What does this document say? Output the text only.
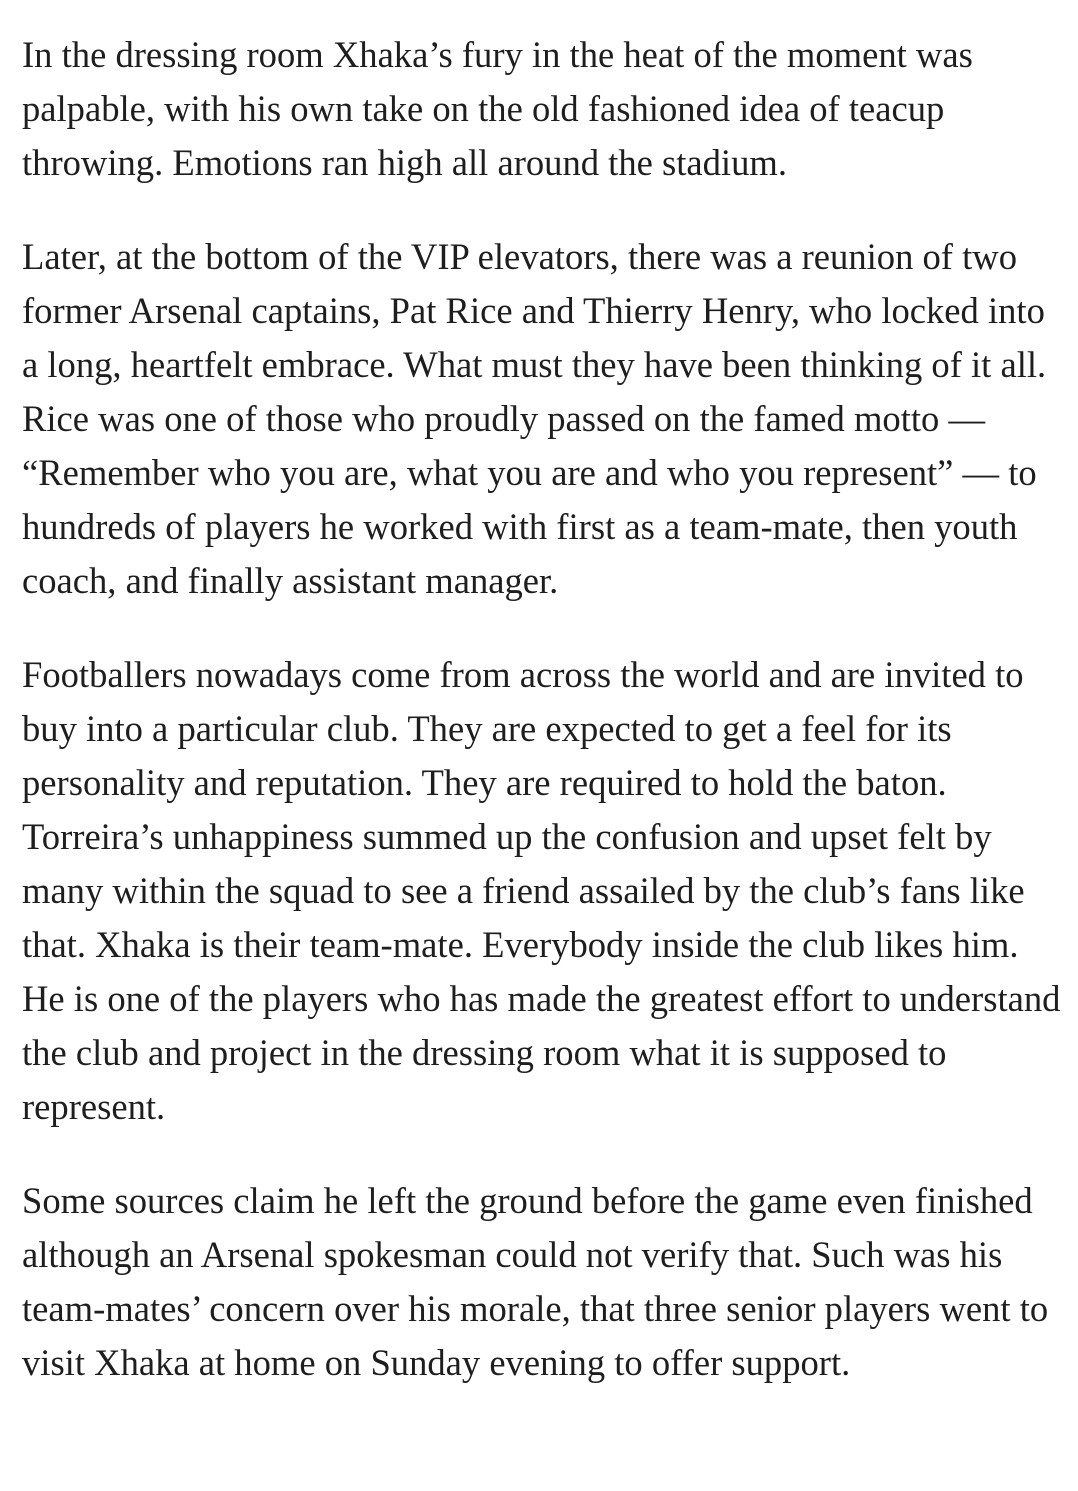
In the dressing room Xhaka’s fury in the heat of the moment was palpable, with his own take on the old fashioned idea of teacup throwing. Emotions ran high all around the stadium.

Later, at the bottom of the VIP elevators, there was a reunion of two former Arsenal captains, Pat Rice and Thierry Henry, who locked into a long, heartfelt embrace. What must they have been thinking of it all. Rice was one of those who proudly passed on the famed motto — “Remember who you are, what you are and who you represent” — to hundreds of players he worked with first as a team-mate, then youth coach, and finally assistant manager.

Footballers nowadays come from across the world and are invited to buy into a particular club. They are expected to get a feel for its personality and reputation. They are required to hold the baton. Torreira’s unhappiness summed up the confusion and upset felt by many within the squad to see a friend assailed by the club’s fans like that. Xhaka is their team-mate. Everybody inside the club likes him. He is one of the players who has made the greatest effort to understand the club and project in the dressing room what it is supposed to represent.

Some sources claim he left the ground before the game even finished although an Arsenal spokesman could not verify that. Such was his team-mates’ concern over his morale, that three senior players went to visit Xhaka at home on Sunday evening to offer support.
